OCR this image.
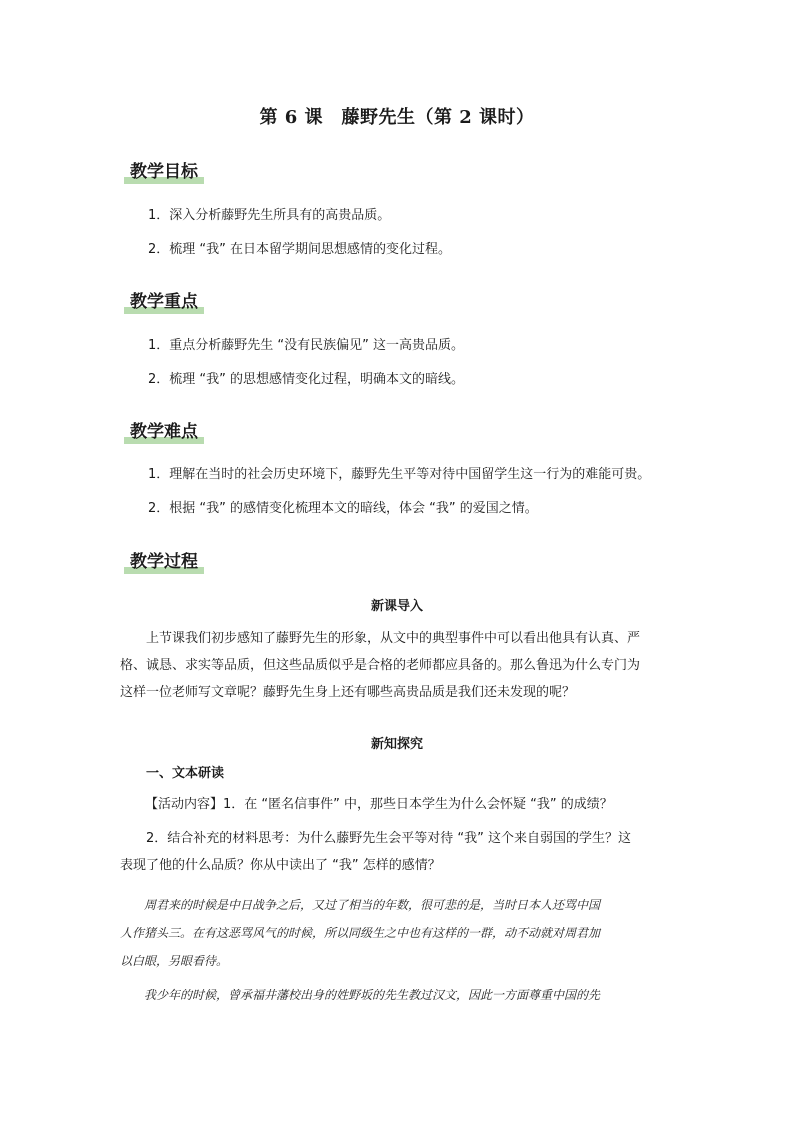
第 6 课　藤野先生（第 2 课时）
教学目标
1．深入分析藤野先生所具有的高贵品质。
2．梳理 “我” 在日本留学期间思想感情的变化过程。
教学重点
1．重点分析藤野先生 “没有民族偏见” 这一高贵品质。
2．梳理 “我” 的思想感情变化过程，明确本文的暗线。
教学难点
1．理解在当时的社会历史环境下，藤野先生平等对待中国留学生这一行为的难能可贵。
2．根据 “我” 的感情变化梳理本文的暗线，体会 “我” 的爱国之情。
教学过程
新课导入
　　上节课我们初步感知了藤野先生的形象，从文中的典型事件中可以看出他具有认真、严
格、诚恳、求实等品质，但这些品质似乎是合格的老师都应具备的。那么鲁迅为什么专门为
这样一位老师写文章呢？藤野先生身上还有哪些高贵品质是我们还未发现的呢？
新知探究
　　一、文本研读
【活动内容】1．在 “匿名信事件” 中，那些日本学生为什么会怀疑 “我” 的成绩？
　　2．结合补充的材料思考：为什么藤野先生会平等对待 “我” 这个来自弱国的学生？这
表现了他的什么品质？你从中读出了 “我” 怎样的感情？
　　周君来的时候是中日战争之后，又过了相当的年数，很可悲的是，当时日本人还骂中国
人作猪头三。在有这恶骂风气的时候，所以同级生之中也有这样的一群，动不动就对周君加
以白眼，另眼看待。
　　我少年的时候，曾承福井藩校出身的姓野坂的先生教过汉文，因此一方面尊重中国的先
